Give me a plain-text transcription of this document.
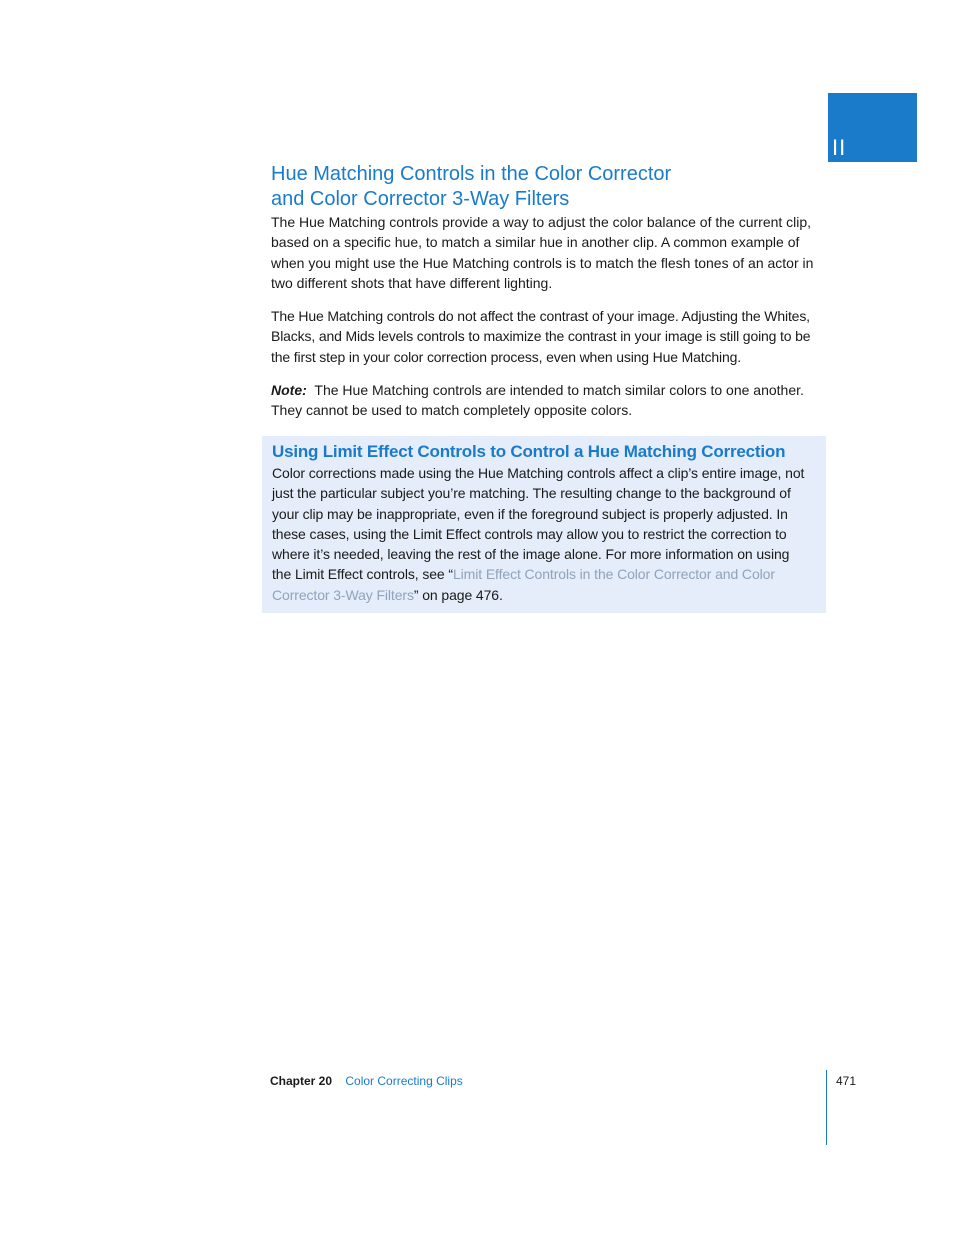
II
Hue Matching Controls in the Color Corrector
and Color Corrector 3-Way Filters

The Hue Matching controls provide a way to adjust the color balance of the current clip, based on a specific hue, to match a similar hue in another clip. A common example of when you might use the Hue Matching controls is to match the flesh tones of an actor in two different shots that have different lighting.

The Hue Matching controls do not affect the contrast of your image. Adjusting the Whites, Blacks, and Mids levels controls to maximize the contrast in your image is still going to be the first step in your color correction process, even when using Hue Matching.

Note: The Hue Matching controls are intended to match similar colors to one another. They cannot be used to match completely opposite colors.

Using Limit Effect Controls to Control a Hue Matching Correction

Color corrections made using the Hue Matching controls affect a clip’s entire image, not just the particular subject you’re matching. The resulting change to the background of your clip may be inappropriate, even if the foreground subject is properly adjusted. In these cases, using the Limit Effect controls may allow you to restrict the correction to where it’s needed, leaving the rest of the image alone. For more information on using the Limit Effect controls, see “Limit Effect Controls in the Color Corrector and Color Corrector 3-Way Filters” on page 476.

Chapter 20 Color Correcting Clips	471
